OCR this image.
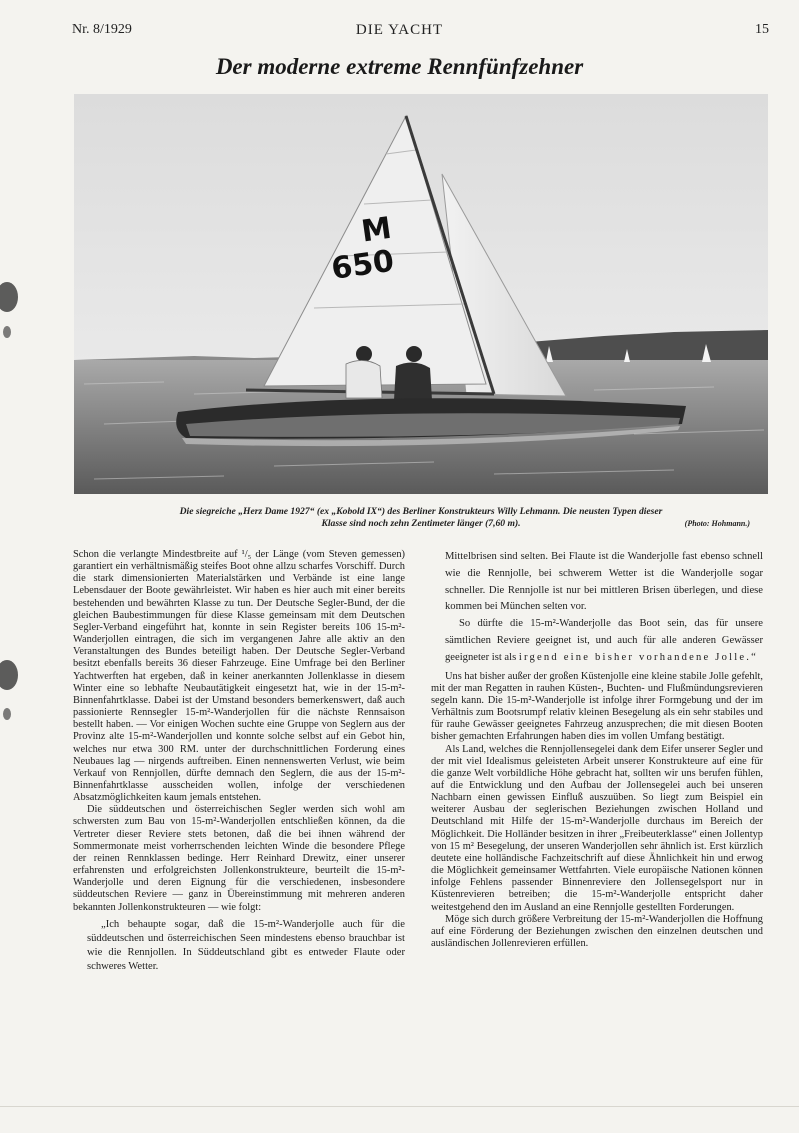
Nr. 8/1929	DIE YACHT	15
Der moderne extreme Rennfünfzehner
M
650
Die siegreiche „Herz Dame 1927“ (ex „Kobold IX“) des Berliner Konstrukteurs Willy Lehmann. Die neusten Typen dieser
Klasse sind noch zehn Zentimeter länger (7,60 m).	(Photo: Hohmann.)

Schon die verlangte Mindestbreite auf ¹/₅ der Länge (vom Steven gemessen) garantiert ein verhältnismäßig steifes Boot ohne allzu scharfes Vorschiff. Durch die stark dimensionierten Materialstärken und Verbände ist eine lange Lebensdauer der Boote gewährleistet. Wir haben es hier auch mit einer bereits bestehenden und bewährten Klasse zu tun. Der Deutsche Segler-Bund, der die gleichen Baubestimmungen für diese Klasse gemeinsam mit dem Deutschen Segler-Verband eingeführt hat, konnte in sein Register bereits 106 15-m²-Wanderjollen eintragen, die sich im vergangenen Jahre alle aktiv an den Veranstaltungen des Bundes beteiligt haben. Der Deutsche Segler-Verband besitzt ebenfalls bereits 36 dieser Fahrzeuge. Eine Umfrage bei den Berliner Yachtwerften hat ergeben, daß in keiner anerkannten Jollenklasse in diesem Winter eine so lebhafte Neubautätigkeit eingesetzt hat, wie in der 15-m²-Binnenfahrtklasse. Dabei ist der Umstand besonders bemerkenswert, daß auch passionierte Rennsegler 15-m²-Wanderjollen für die nächste Rennsaison bestellt haben. — Vor einigen Wochen suchte eine Gruppe von Seglern aus der Provinz alte 15-m²-Wanderjollen und konnte solche selbst auf ein Gebot hin, welches nur etwa 300 RM. unter der durchschnittlichen Forderung eines Neubaues lag — nirgends auftreiben. Einen nennenswerten Verlust, wie beim Verkauf von Rennjollen, dürfte demnach den Seglern, die aus der 15-m²-Binnenfahrtklasse ausscheiden wollen, infolge der verschiedenen Absatzmöglichkeiten kaum jemals entstehen.

Die süddeutschen und österreichischen Segler werden sich wohl am schwersten zum Bau von 15-m²-Wanderjollen entschließen können, da die Vertreter dieser Reviere stets betonen, daß die bei ihnen während der Sommermonate meist vorherrschenden leichten Winde die besondere Pflege der reinen Rennklassen bedinge. Herr Reinhard Drewitz, einer unserer erfahrensten und erfolgreichsten Jollenkonstrukteure, beurteilt die 15-m²-Wanderjolle und deren Eignung für die verschiedenen, insbesondere süddeutschen Reviere — ganz in Übereinstimmung mit mehreren anderen bekannten Jollenkonstrukteuren — wie folgt:

„Ich behaupte sogar, daß die 15-m²-Wanderjolle auch für die süddeutschen und österreichischen Seen mindestens ebenso brauchbar ist wie die Rennjollen. In Süddeutschland gibt es entweder Flaute oder schweres Wetter.

Mittelbrisen sind selten. Bei Flaute ist die Wanderjolle fast ebenso schnell wie die Rennjolle, bei schwerem Wetter ist die Wanderjolle sogar schneller. Die Rennjolle ist nur bei mittleren Brisen überlegen, und diese kommen bei München selten vor.

So dürfte die 15-m²-Wanderjolle das Boot sein, das für unsere sämtlichen Reviere geeignet ist, und auch für alle anderen Gewässer geeigneter ist als irgend eine bisher vorhandene Jolle.“

Uns hat bisher außer der großen Küstenjolle eine kleine stabile Jolle gefehlt, mit der man Regatten in rauhen Küsten-, Buchten- und Flußmündungsrevieren segeln kann. Die 15-m²-Wanderjolle ist infolge ihrer Formgebung und der im Verhältnis zum Bootsrumpf relativ kleinen Besegelung als ein sehr stabiles und für rauhe Gewässer geeignetes Fahrzeug anzusprechen; die mit diesen Booten bisher gemachten Erfahrungen haben dies im vollen Umfang bestätigt.

Als Land, welches die Rennjollensegelei dank dem Eifer unserer Segler und der mit viel Idealismus geleisteten Arbeit unserer Konstrukteure auf eine für die ganze Welt vorbildliche Höhe gebracht hat, sollten wir uns berufen fühlen, auf die Entwicklung und den Aufbau der Jollensegelei auch bei unseren Nachbarn einen gewissen Einfluß auszuüben. So liegt zum Beispiel ein weiterer Ausbau der seglerischen Beziehungen zwischen Holland und Deutschland mit Hilfe der 15-m²-Wanderjolle durchaus im Bereich der Möglichkeit. Die Holländer besitzen in ihrer „Freibeuterklasse“ einen Jollentyp von 15 m² Besegelung, der unseren Wanderjollen sehr ähnlich ist. Erst kürzlich deutete eine holländische Fachzeitschrift auf diese Ähnlichkeit hin und erwog die Möglichkeit gemeinsamer Wettfahrten. Viele europäische Nationen können infolge Fehlens passender Binnenreviere den Jollensegelsport nur in Küstenrevieren betreiben; die 15-m²-Wanderjolle entspricht daher weitestgehend den im Ausland an eine Rennjolle gestellten Forderungen.

Möge sich durch größere Verbreitung der 15-m²-Wanderjollen die Hoffnung auf eine Förderung der Beziehungen zwischen den einzelnen deutschen und ausländischen Jollenrevieren erfüllen.
